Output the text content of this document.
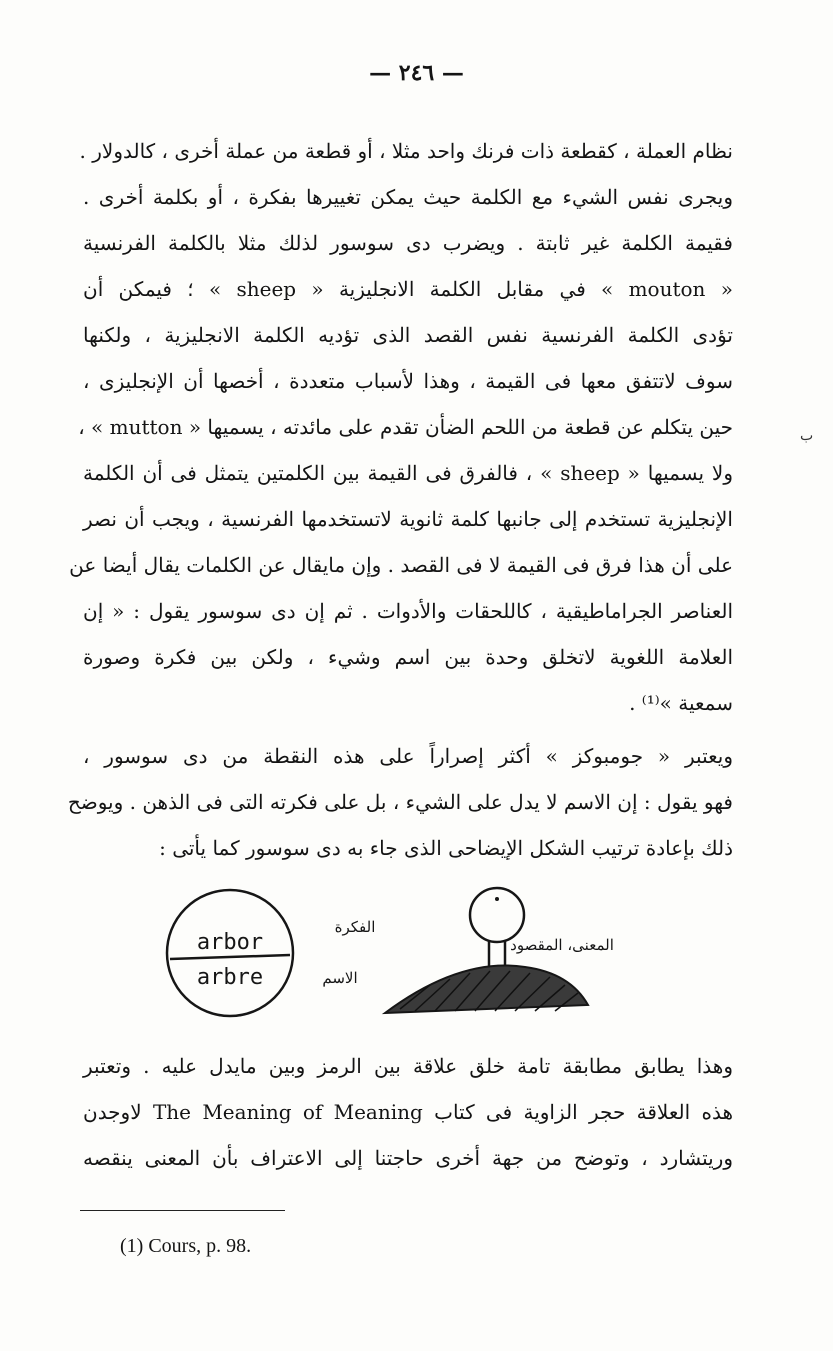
— ٢٤٦ —
نظام العملة ، كقطعة ذات فرنك واحد مثلا ، أو قطعة من عملة أخرى ، كالدولار .
ويجرى نفس الشيء مع الكلمة حيث يمكن تغييرها بفكرة ، أو بكلمة أخرى .
فقيمة الكلمة غير ثابتة . ويضرب دى سوسور لذلك مثلا بالكلمة الفرنسية
« mouton » في مقابل الكلمة الانجليزية « sheep » ؛ فيمكن أن
تؤدى الكلمة الفرنسية نفس القصد الذى تؤديه الكلمة الانجليزية ، ولكنها
سوف لاتتفق معها فى القيمة ، وهذا لأسباب متعددة ، أخصها أن الإنجليزى ،
حين يتكلم عن قطعة من اللحم الضأن تقدم على مائدته ، يسميها « mutton » ،
ولا يسميها « sheep » ، فالفرق فى القيمة بين الكلمتين يتمثل فى أن الكلمة
الإنجليزية تستخدم إلى جانبها كلمة ثانوية لاتستخدمها الفرنسية ، ويجب أن نصر
على أن هذا فرق فى القيمة لا فى القصد . وإن مايقال عن الكلمات يقال أيضا عن
العناصر الجراماطيقية ، كاللحقات والأدوات . ثم إن دى سوسور يقول : « إن
العلامة اللغوية لاتخلق وحدة بين اسم وشيء ، ولكن بين فكرة وصورة
سمعية »⁽¹⁾ .
ب
ويعتبر « جومبوكز » أكثر إصراراً على هذه النقطة من دى سوسور ،
فهو يقول : إن الاسم لا يدل على الشيء ، بل على فكرته التى فى الذهن . ويوضح
ذلك بإعادة ترتيب الشكل الإيضاحى الذى جاء به دى سوسور كما يأتى :
arbor
arbre
الفكرة
الاسم
المعنى، المقصود
وهذا يطابق مطابقة تامة خلق علاقة بين الرمز وبين مايدل عليه . وتعتبر
هذه العلاقة حجر الزاوية فى كتاب The Meaning of Meaning لاوجدن
وريتشارد ، وتوضح من جهة أخرى حاجتنا إلى الاعتراف بأن المعنى ينقصه
(1) Cours, p. 98.
